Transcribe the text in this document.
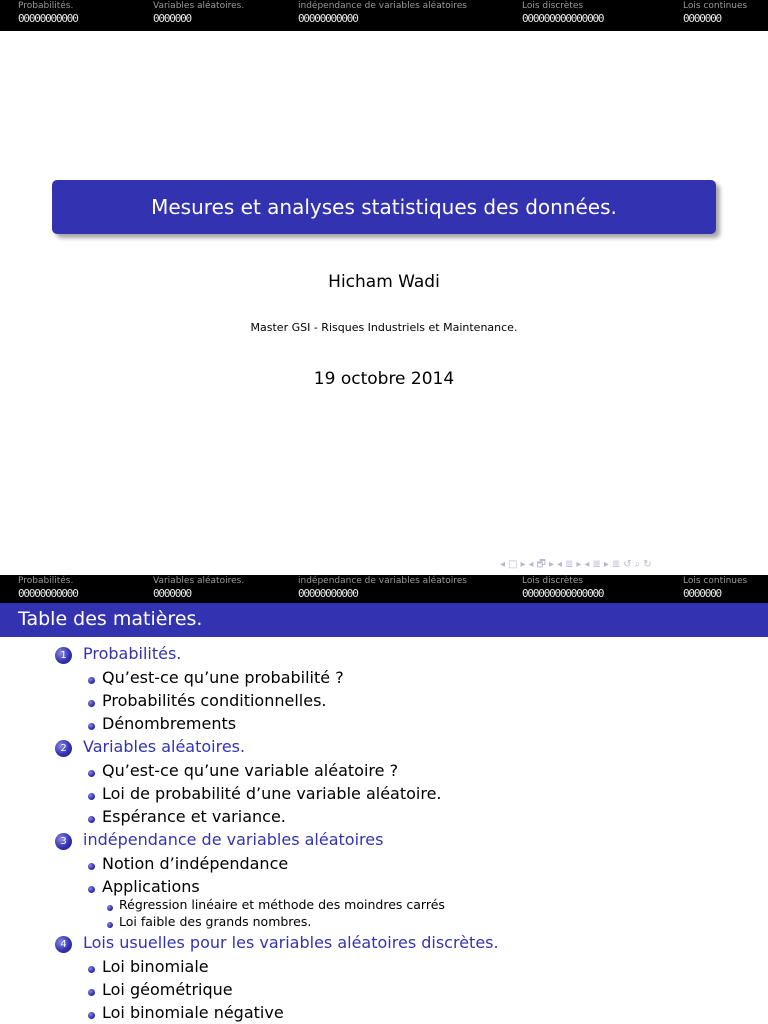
Probabilités.
00000000000
Variables aléatoires.
0000000
indépendance de variables aléatoires
00000000000
Lois discrètes
000000000000000
Lois continues
0000000
Mesures et analyses statistiques des données.
Hicham Wadi
Master GSI - Risques Industriels et Maintenance.
19 octobre 2014
◂ □ ▸ ◂ 🗗 ▸ ◂ ≣ ▸ ◂ ≣ ▸ ≣ ↺ ⌕ ↻
Probabilités.
00000000000
Variables aléatoires.
0000000
indépendance de variables aléatoires
00000000000
Lois discrètes
000000000000000
Lois continues
0000000
Table des matières.
1	Probabilités.
Qu’est-ce qu’une probabilité ?
Probabilités conditionnelles.
Dénombrements
2	Variables aléatoires.
Qu’est-ce qu’une variable aléatoire ?
Loi de probabilité d’une variable aléatoire.
Espérance et variance.
3	indépendance de variables aléatoires
Notion d’indépendance
Applications
Régression linéaire et méthode des moindres carrés
Loi faible des grands nombres.
4	Lois usuelles pour les variables aléatoires discrètes.
Loi binomiale
Loi géométrique
Loi binomiale négative
